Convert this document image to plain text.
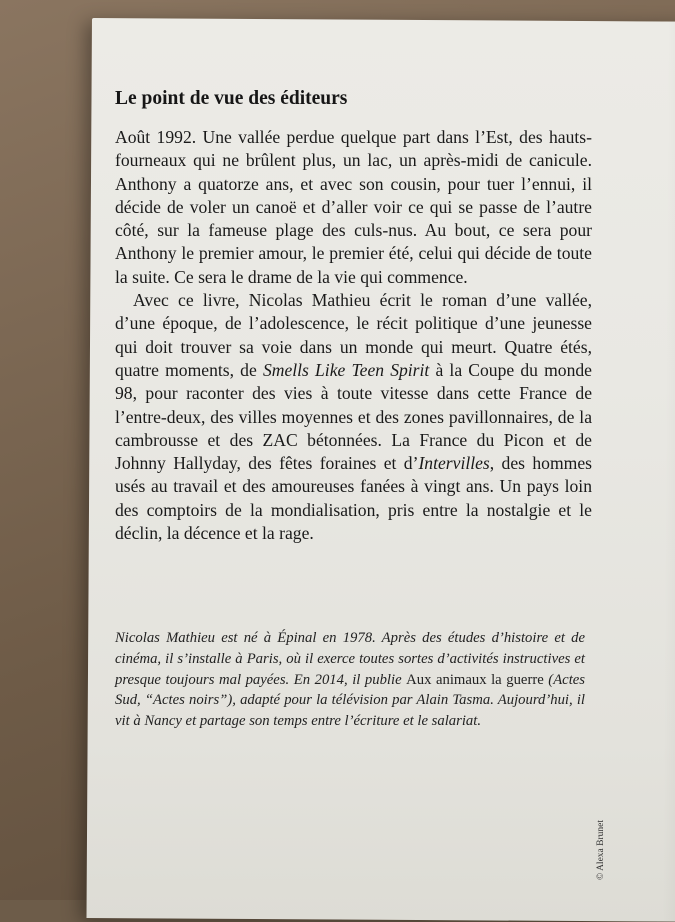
Le point de vue des éditeurs

Août 1992. Une vallée perdue quelque part dans l’Est, des hauts-fourneaux qui ne brûlent plus, un lac, un après-midi de canicule. Anthony a quatorze ans, et avec son cousin, pour tuer l’ennui, il décide de voler un canoë et d’aller voir ce qui se passe de l’autre côté, sur la fameuse plage des culs-nus. Au bout, ce sera pour Anthony le premier amour, le premier été, celui qui décide de toute la suite. Ce sera le drame de la vie qui commence.

Avec ce livre, Nicolas Mathieu écrit le roman d’une vallée, d’une époque, de l’adolescence, le récit politique d’une jeunesse qui doit trouver sa voie dans un monde qui meurt. Quatre étés, quatre moments, de Smells Like Teen Spirit à la Coupe du monde 98, pour raconter des vies à toute vitesse dans cette France de l’entre-deux, des villes moyennes et des zones pavillonnaires, de la cambrousse et des ZAC bétonnées. La France du Picon et de Johnny Hallyday, des fêtes foraines et d’Intervilles, des hommes usés au travail et des amoureuses fanées à vingt ans. Un pays loin des comptoirs de la mondialisation, pris entre la nostalgie et le déclin, la décence et la rage.

Nicolas Mathieu est né à Épinal en 1978. Après des études d’histoire et de cinéma, il s’installe à Paris, où il exerce toutes sortes d’activités instructives et presque toujours mal payées. En 2014, il publie Aux animaux la guerre (Actes Sud, “Actes noirs”), adapté pour la télévision par Alain Tasma. Aujourd’hui, il vit à Nancy et partage son temps entre l’écriture et le salariat.
© Alexa Brunet
